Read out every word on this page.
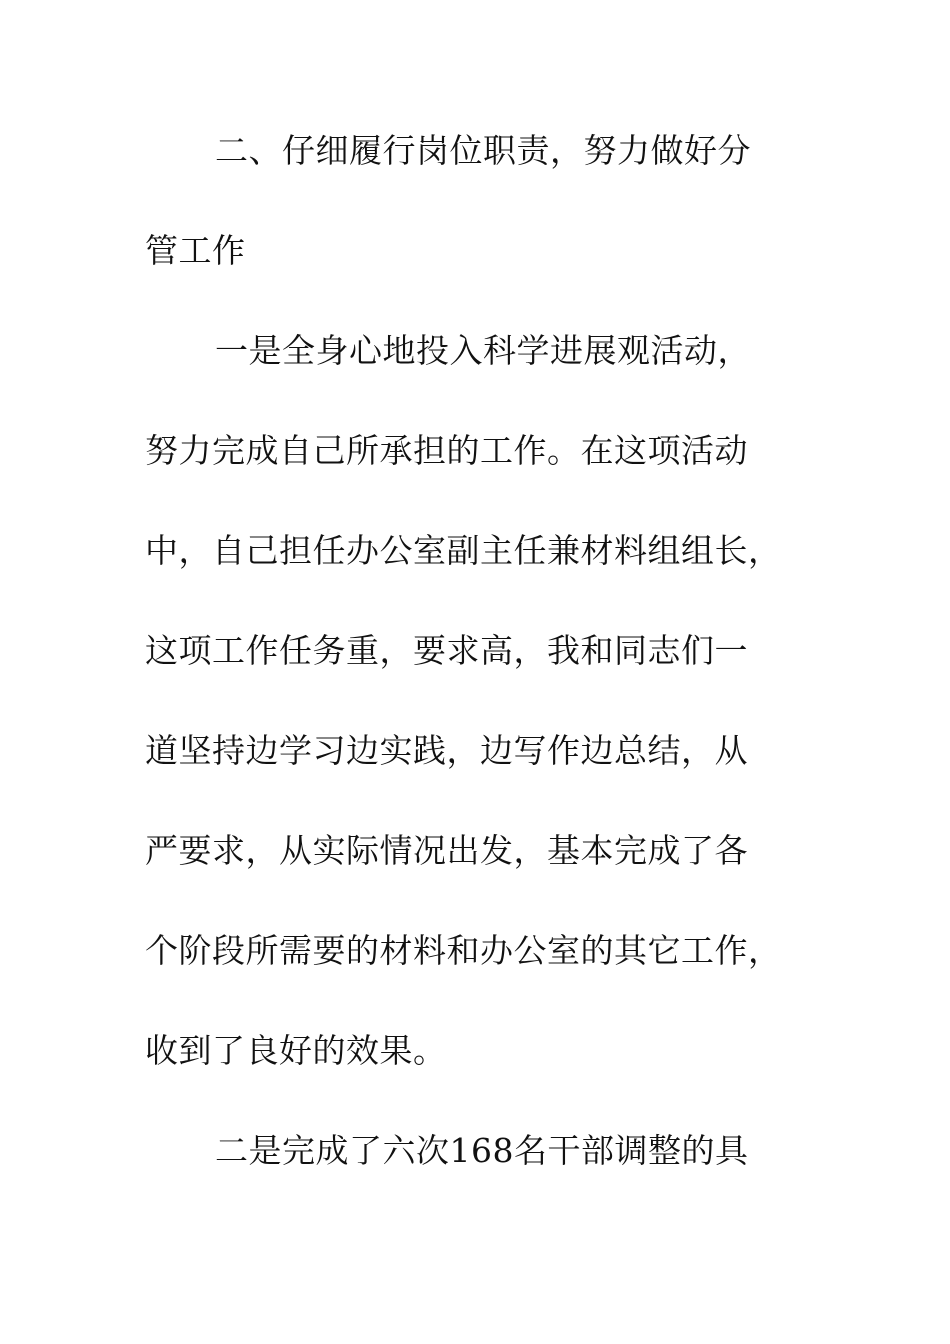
二、仔细履行岗位职责，努力做好分
管工作
一是全身心地投入科学进展观活动，
努力完成自己所承担的工作。在这项活动
中，自己担任办公室副主任兼材料组组长，
这项工作任务重，要求高，我和同志们一
道坚持边学习边实践，边写作边总结，从
严要求，从实际情况出发，基本完成了各
个阶段所需要的材料和办公室的其它工作，
收到了良好的效果。
二是完成了六次168名干部调整的具
